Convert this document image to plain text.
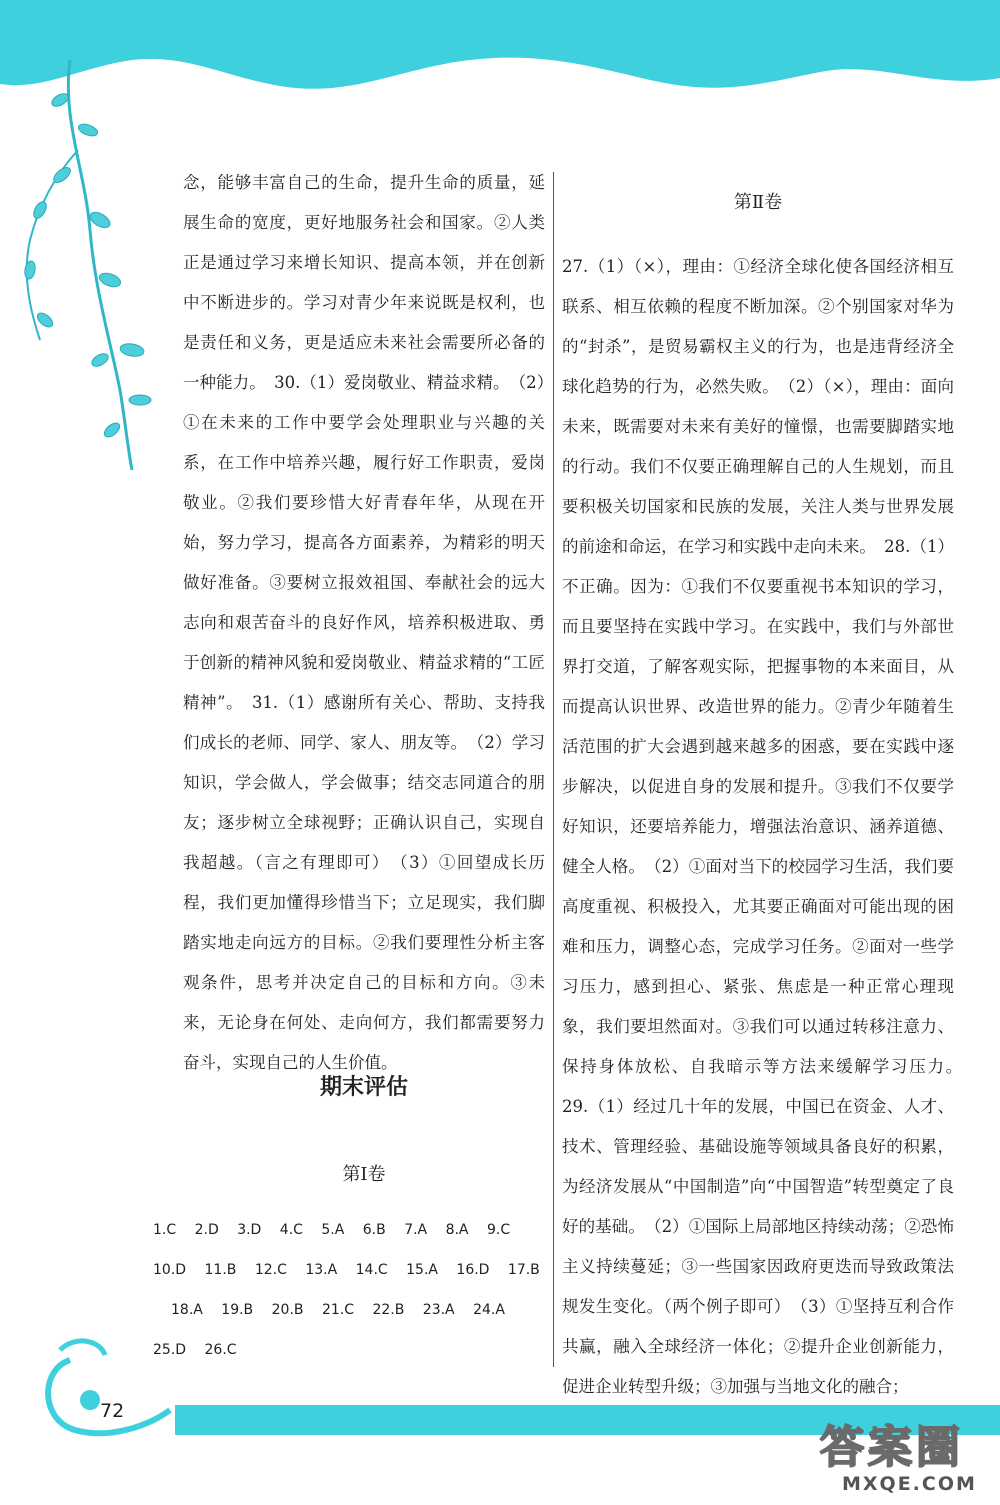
72

念，能够丰富自己的生命，提升生命的质量，延展生命的宽度，更好地服务社会和国家。②人类正是通过学习来增长知识、提高本领，并在创新中不断进步的。学习对青少年来说既是权利，也是责任和义务，更是适应未来社会需要所必备的一种能力。　30.（1）爱岗敬业、精益求精。　（2）①在未来的工作中要学会处理职业与兴趣的关系，在工作中培养兴趣，履行好工作职责，爱岗敬业。②我们要珍惜大好青春年华，从现在开始，努力学习，提高各方面素养，为精彩的明天做好准备。③要树立报效祖国、奉献社会的远大志向和艰苦奋斗的良好作风，培养积极进取、勇于创新的精神风貌和爱岗敬业、精益求精的“工匠精神”。　31.（1）感谢所有关心、帮助、支持我们成长的老师、同学、家人、朋友等。　（2）学习知识，学会做人，学会做事；结交志同道合的朋友；逐步树立全球视野；正确认识自己，实现自我超越。（言之有理即可）　（3）①回望成长历程，我们更加懂得珍惜当下；立足现实，我们脚踏实地走向远方的目标。②我们要理性分析主客观条件，思考并决定自己的目标和方向。③未来，无论身在何处、走向何方，我们都需要努力奋斗，实现自己的人生价值。

期末评估
第Ⅰ卷
1.C 2.D 3.D 4.C 5.A 6.B 7.A 8.A 9.C
10.D 11.B 12.C 13.A 14.C 15.A 16.D 17.B
18.A 19.B 20.B 21.C 22.B 23.A 24.A
25.D 26.C
第Ⅱ卷

27.（1）（×），理由：①经济全球化使各国经济相互联系、相互依赖的程度不断加深。②个别国家对华为的“封杀”，是贸易霸权主义的行为，也是违背经济全球化趋势的行为，必然失败。　（2）（×），理由：面向未来，既需要对未来有美好的憧憬，也需要脚踏实地的行动。我们不仅要正确理解自己的人生规划，而且要积极关切国家和民族的发展，关注人类与世界发展的前途和命运，在学习和实践中走向未来。　28.（1）不正确。因为：①我们不仅要重视书本知识的学习，而且要坚持在实践中学习。在实践中，我们与外部世界打交道，了解客观实际，把握事物的本来面目，从而提高认识世界、改造世界的能力。②青少年随着生活范围的扩大会遇到越来越多的困惑，要在实践中逐步解决，以促进自身的发展和提升。③我们不仅要学好知识，还要培养能力，增强法治意识、涵养道德、健全人格。　（2）①面对当下的校园学习生活，我们要高度重视、积极投入，尤其要正确面对可能出现的困难和压力，调整心态，完成学习任务。②面对一些学习压力，感到担心、紧张、焦虑是一种正常心理现象，我们要坦然面对。③我们可以通过转移注意力、保持身体放松、自我暗示等方法来缓解学习压力。　29.（1）经过几十年的发展，中国已在资金、人才、技术、管理经验、基础设施等领域具备良好的积累，为经济发展从“中国制造”向“中国智造”转型奠定了良好的基础。　（2）①国际上局部地区持续动荡；②恐怖主义持续蔓延；③一些国家因政府更迭而导致政策法规发生变化。（两个例子即可）　（3）①坚持互利合作共赢，融入全球经济一体化；②提升企业创新能力，促进企业转型升级；③加强与当地文化的融合；

答案圈
MXQE.COM
